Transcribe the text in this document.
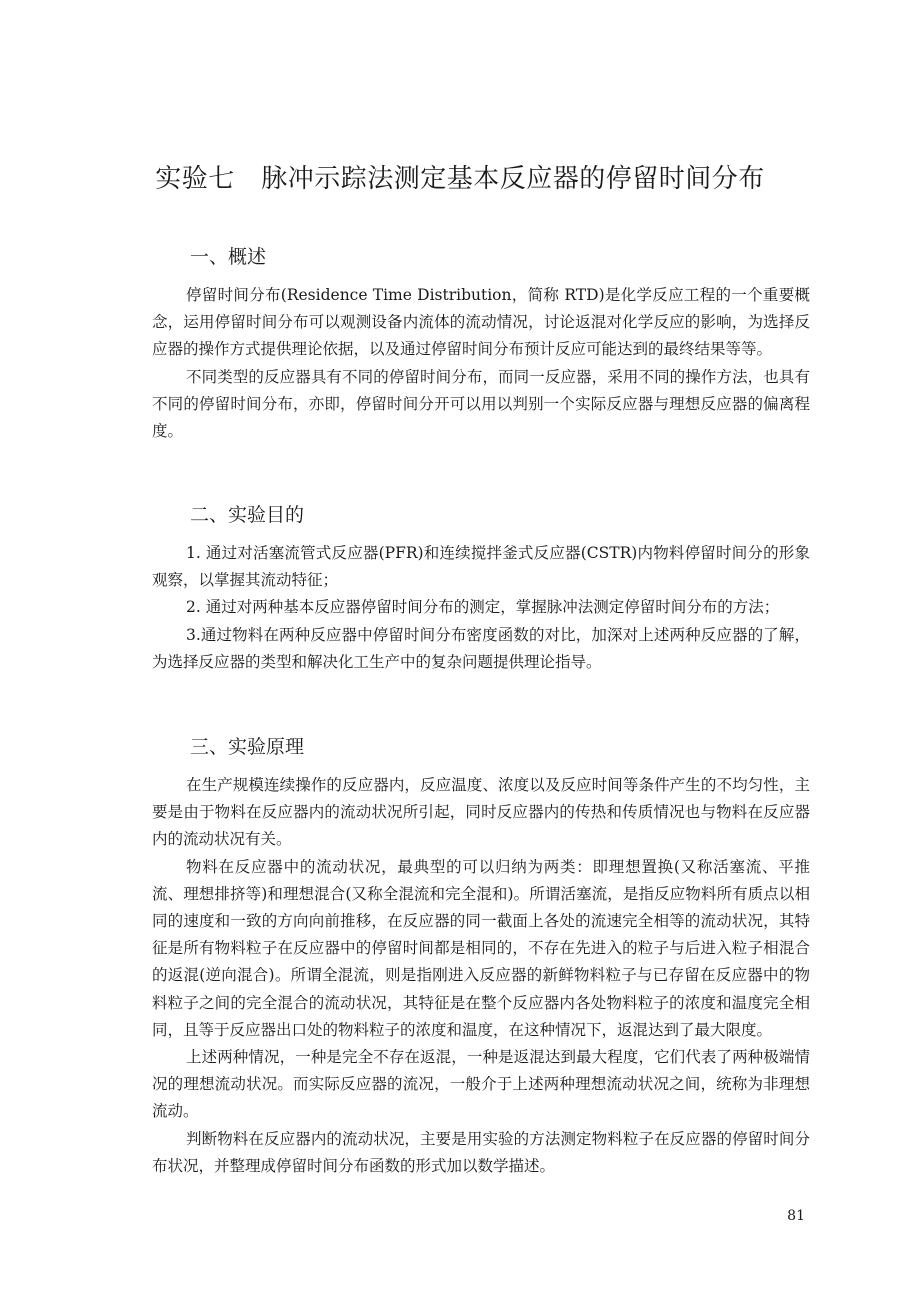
实验七　脉冲示踪法测定基本反应器的停留时间分布
一、概述

停留时间分布(Residence Time Distribution，简称 RTD)是化学反应工程的一个重要概念，运用停留时间分布可以观测设备内流体的流动情况，讨论返混对化学反应的影响，为选择反应器的操作方式提供理论依据，以及通过停留时间分布预计反应可能达到的最终结果等等。

不同类型的反应器具有不同的停留时间分布，而同一反应器，采用不同的操作方法，也具有不同的停留时间分布，亦即，停留时间分开可以用以判别一个实际反应器与理想反应器的偏离程度。

二、实验目的

1. 通过对活塞流管式反应器(PFR)和连续搅拌釜式反应器(CSTR)内物料停留时间分的形象观察，以掌握其流动特征；

2. 通过对两种基本反应器停留时间分布的测定，掌握脉冲法测定停留时间分布的方法；

3.通过物料在两种反应器中停留时间分布密度函数的对比，加深对上述两种反应器的了解，为选择反应器的类型和解决化工生产中的复杂问题提供理论指导。

三、实验原理

在生产规模连续操作的反应器内，反应温度、浓度以及反应时间等条件产生的不均匀性，主要是由于物料在反应器内的流动状况所引起，同时反应器内的传热和传质情况也与物料在反应器内的流动状况有关。

物料在反应器中的流动状况，最典型的可以归纳为两类：即理想置换(又称活塞流、平推流、理想排挤等)和理想混合(又称全混流和完全混和)。所谓活塞流，是指反应物料所有质点以相同的速度和一致的方向向前推移，在反应器的同一截面上各处的流速完全相等的流动状况，其特征是所有物料粒子在反应器中的停留时间都是相同的，不存在先进入的粒子与后进入粒子相混合的返混(逆向混合)。所谓全混流，则是指刚进入反应器的新鲜物料粒子与已存留在反应器中的物料粒子之间的完全混合的流动状况，其特征是在整个反应器内各处物料粒子的浓度和温度完全相同，且等于反应器出口处的物料粒子的浓度和温度，在这种情况下，返混达到了最大限度。

上述两种情况，一种是完全不存在返混，一种是返混达到最大程度，它们代表了两种极端情况的理想流动状况。而实际反应器的流况，一般介于上述两种理想流动状况之间，统称为非理想流动。

判断物料在反应器内的流动状况，主要是用实验的方法测定物料粒子在反应器的停留时间分布状况，并整理成停留时间分布函数的形式加以数学描述。

81
